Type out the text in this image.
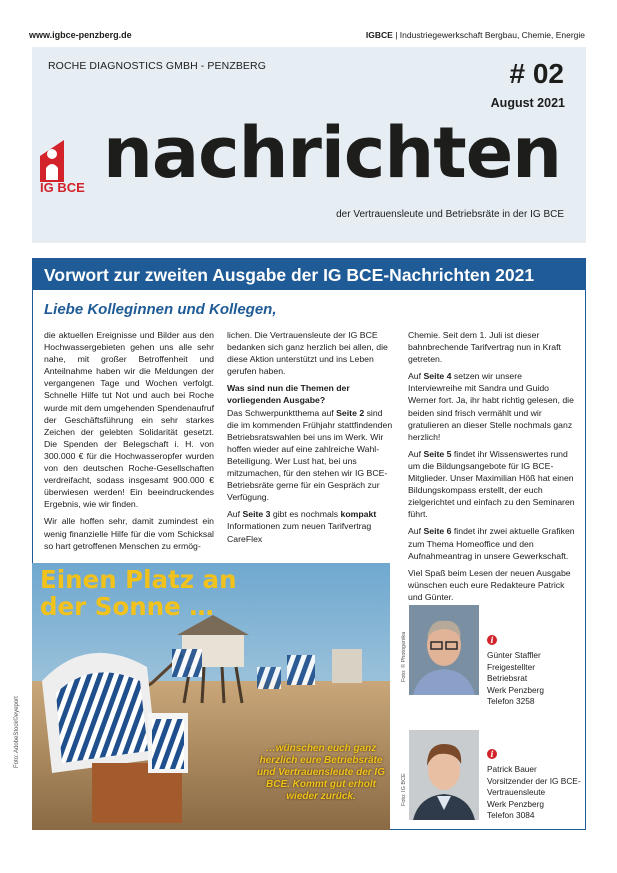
www.igbce-penzberg.de	IGBCE | Industriegewerkschaft Bergbau, Chemie, Energie
ROCHE DIAGNOSTICS GMBH - PENZBERG	# 02
August 2021
IG BCE nachrichten
der Vertrauensleute und Betriebsräte in der IG BCE
Vorwort zur zweiten Ausgabe der IG BCE-Nachrichten 2021
Liebe Kolleginnen und Kollegen,

die aktuellen Ereignisse und Bilder aus den Hochwassergebieten gehen uns alle sehr nahe, mit großer Betroffenheit und Anteilnahme haben wir die Meldungen der vergangenen Tage und Wochen verfolgt. Schnelle Hilfe tut Not und auch bei Roche wurde mit dem umgehenden Spendenaufruf der Geschäftsführung ein sehr starkes Zeichen der gelebten Solidarität gesetzt. Die Spenden der Belegschaft i. H. von 300.000 € für die Hochwasseropfer wurden von den deutschen Roche-Gesellschaften verdreifacht, sodass insgesamt 900.000 € überwiesen werden! Ein beeindruckendes Ergebnis, wie wir finden.

Wir alle hoffen sehr, damit zumindest ein wenig finanzielle Hilfe für die vom Schicksal so hart getroffenen Menschen zu ermög-

lichen. Die Vertrauensleute der IG BCE bedanken sich ganz herzlich bei allen, die diese Aktion unterstützt und ins Leben gerufen haben.

Was sind nun die Themen der vorliegenden Ausgabe?

Das Schwerpunktthema auf Seite 2 sind die im kommenden Frühjahr stattfindenden Betriebsratswahlen bei uns im Werk. Wir hoffen wieder auf eine zahlreiche Wahl-Beteiligung. Wer Lust hat, bei uns mitzumachen, für den stehen wir IG BCE-Betriebsräte gerne für ein Gespräch zur Verfügung.

Auf Seite 3 gibt es nochmals kompakt Informationen zum neuen Tarifvertrag CareFlex

Chemie. Seit dem 1. Juli ist dieser bahnbrechende Tarifvertrag nun in Kraft getreten.

Auf Seite 4 setzen wir unsere Interviewreihe mit Sandra und Guido Werner fort. Ja, ihr habt richtig gelesen, die beiden sind frisch vermählt und wir gratulieren an dieser Stelle nochmals ganz herzlich!

Auf Seite 5 findet ihr Wissenswertes rund um die Bildungsangebote für IG BCE-Mitglieder. Unser Maximilian Höß hat einen Bildungskompass erstellt, der euch zielgerichtet und einfach zu den Seminaren führt.

Auf Seite 6 findet ihr zwei aktuelle Grafiken zum Thema Homeoffice und den Aufnahmeantrag in unsere Gewerkschaft.

Viel Spaß beim Lesen der neuen Ausgabe wünschen euch eure Redakteure Patrick und Günter.

Einen Platz an
der Sonne …
…wünschen euch ganz herzlich eure Betriebsräte und Vertrauensleute der IG BCE. Kommt gut erholt wieder zurück.
Foto: AdobeStock©eyeport
Foto: © Photogenika	i
Günter Staffler
Freigestellter
Betriebsrat
Werk Penzberg
Telefon 3258
Foto: IG BCE
i
Patrick Bauer
Vorsitzender der IG BCE-
Vertrauensleute
Werk Penzberg
Telefon 3084
